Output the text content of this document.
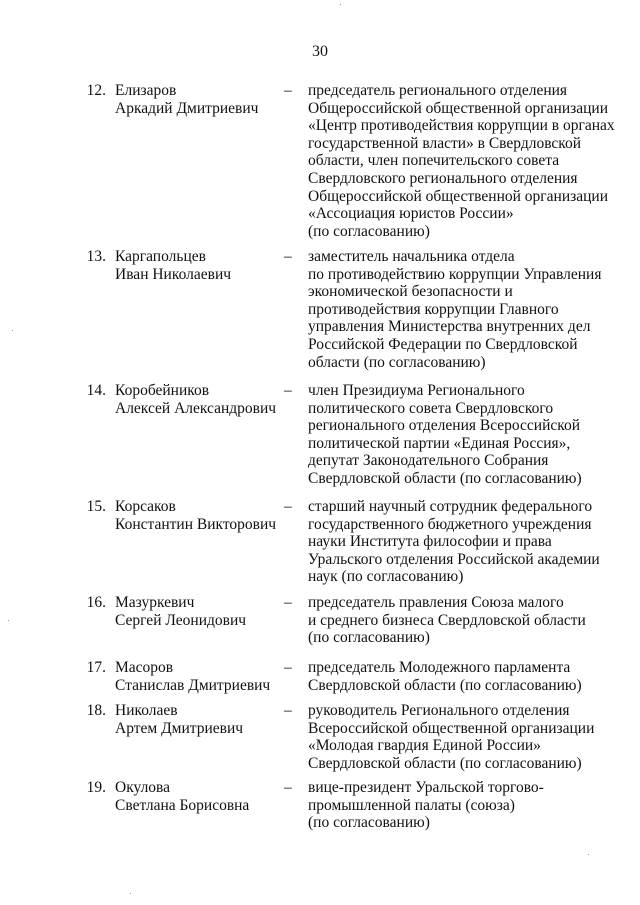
30
12. Елизаров
Аркадий Дмитриевич
– председатель регионального отделения
Общероссийской общественной организации
«Центр противодействия коррупции в органах
государственной власти» в Свердловской
области, член попечительского совета
Свердловского регионального отделения
Общероссийской общественной организации
«Ассоциация юристов России»
(по согласованию)
13. Каргапольцев
Иван Николаевич
– заместитель начальника отдела
по противодействию коррупции Управления
экономической безопасности и
противодействия коррупции Главного
управления Министерства внутренних дел
Российской Федерации по Свердловской
области (по согласованию)
14. Коробейников
Алексей Александрович
– член Президиума Регионального
политического совета Свердловского
регионального отделения Всероссийской
политической партии «Единая Россия»,
депутат Законодательного Собрания
Свердловской области (по согласованию)
15. Корсаков
Константин Викторович
– старший научный сотрудник федерального
государственного бюджетного учреждения
науки Института философии и права
Уральского отделения Российской академии
наук (по согласованию)
16. Мазуркевич
Сергей Леонидович
– председатель правления Союза малого
и среднего бизнеса Свердловской области
(по согласованию)
17. Масоров
Станислав Дмитриевич
– председатель Молодежного парламента
Свердловской области (по согласованию)
18. Николаев
Артем Дмитриевич
– руководитель Регионального отделения
Всероссийской общественной организации
«Молодая гвардия Единой России»
Свердловской области (по согласованию)
19. Окулова
Светлана Борисовна
– вице-президент Уральской торгово-
промышленной палаты (союза)
(по согласованию)
